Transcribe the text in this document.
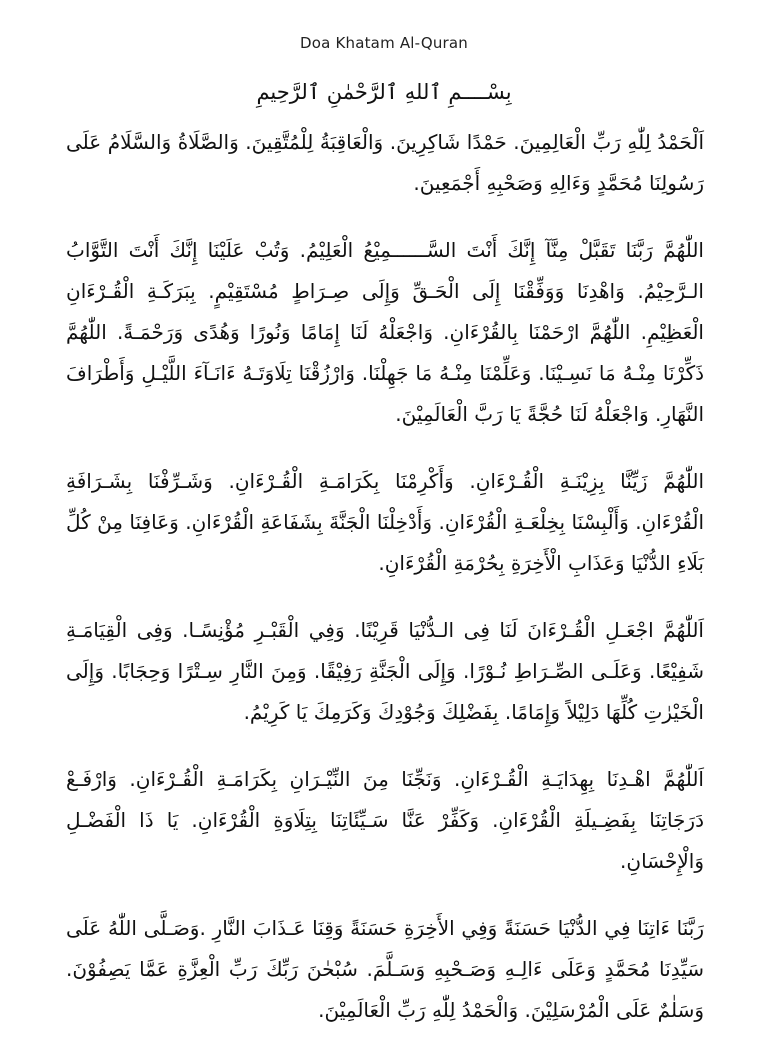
Doa Khatam Al-Quran
بِسْــــمِ ٱللهِ ٱلرَّحْمٰنِ ٱلرَّحِيمِ

اَلْحَمْدُ لِلّٰهِ رَبِّ الْعَالِمِينَ. حَمْدًا شَاكِرِينَ. وَالْعَاقِبَةُ لِلْمُتَّقِينَ. وَالصَّلَاةُ وَالسَّلَامُ عَلَى رَسُولِنَا مُحَمَّدٍ وَءَالِهِ وَصَحْبِهِ أَجْمَعِينَ.

اللّٰهُمَّ رَبَّنَا تَقَبَّلْ مِنَّآ إِنَّكَ أَنْتَ السَّــــــمِيْعُ الْعَلِيْمُ. وَتُبْ عَلَيْنَا إِنَّكَ أَنْتَ التَّوَّابُ الـرَّحِيْمُ. وَاهْدِنَا وَوَفِّقْنَا إِلَى الْحَـقِّ وَإِلَى صِـرَاطٍ مُسْتَقِيْمٍ. بِبَرَكَـةِ الْقُـرْءَانِ الْعَظِيْمِ. اللّٰهُمَّ ارْحَمْنَا بِالقُرْءَانِ. وَاجْعَلْهُ لَنَا إِمَامًا وَنُورًا وَهُدًى وَرَحْمَـةً. اللّٰهُمَّ ذَكِّرْنَا مِنْـهُ مَا نَسِـيْنَا. وَعَلِّمْنَا مِنْـهُ مَا جَهِلْنَا. وَارْزُقْنَا تِلَاوَتَـهُ ءَانَـآءَ اللَّيْـلِ وَأَطْرَافَ النَّهَارِ. وَاجْعَلْهُ لَنَا حُجَّةً يَا رَبَّ الْعَالَمِيْنَ.

اللّٰهُمَّ زَيِّنَّا بِزِيْنَـةِ الْقُـرْءَانِ. وَأَكْرِمْنَا بِكَرَامَـةِ الْقُـرْءَانِ. وَشَـرِّفْنَا بِشَـرَافَةِ الْقُرْءَانِ. وَأَلْبِسْنَا بِخِلْعَـةِ الْقُرْءَانِ. وَأَدْخِلْنَا الْجَنَّةَ بِشَفَاعَةِ الْقُرْءَانِ. وَعَافِنَا مِنْ كُلِّ بَلَاءِ الدُّنْيَا وَعَذَابِ الْأَخِرَةِ بِحُرْمَةِ الْقُرْءَانِ.

اَللّٰهُمَّ اجْعَـلِ الْقُـرْءَانَ لَنَا فِى الـدُّنْيَا قَرِيْنًا. وَفِي الْقَبْـرِ مُؤْنِسًـا. وَفِى الْقِيَامَـةِ شَفِيْعًا. وَعَلَـى الصِّـرَاطِ نُـوْرًا. وَإِلَى الْجَنَّةِ رَفِيْقًا. وَمِنَ النَّارِ سِـتْرًا وَحِجَابًا. وَإِلَى الْخَيْرٰتِ كُلِّهَا دَلِيْلاً وَإِمَامًا. بِفَضْلِكَ وَجُوْدِكَ وَكَرَمِكَ يَا كَرِيْمُ.

اَللّٰهُمَّ اهْـدِنَا بِهِدَايَـةِ الْقُـرْءَانِ. وَنَجِّنَا مِنَ النِّيْـرَانِ بِكَرَامَـةِ الْقُـرْءَانِ. وَارْفَـعْ دَرَجَاتِنَا بِفَضِـيلَةِ الْقُرْءَانِ. وَكَفِّرْ عَنَّا سَـيِّئَاتِنَا بِتِلَاوَةِ الْقُرْءَانِ. يَا ذَا الْفَضْـلِ وَالْإِحْسَانِ.

رَبَّنَا ءَاتِنَا فِي الدُّنْيَا حَسَنَةً وَفِي الأَخِرَةِ حَسَنَةً وَقِنَا عَـذَابَ النَّارِ .وَصَـلَّى اللّٰهُ عَلَى سَيِّدِنَا مُحَمَّدٍ وَعَلَى ءَالِـهِ وَصَـحْبِهِ وَسَـلَّمَ. سُبْحٰنَ رَبِّكَ رَبِّ الْعِزَّةِ عَمَّا يَصِفُوْنَ. وَسَلٰمٌ عَلَى الْمُرْسَلِيْنَ. وَالْحَمْدُ لِلّٰهِ رَبِّ الْعَالَمِيْنَ.
